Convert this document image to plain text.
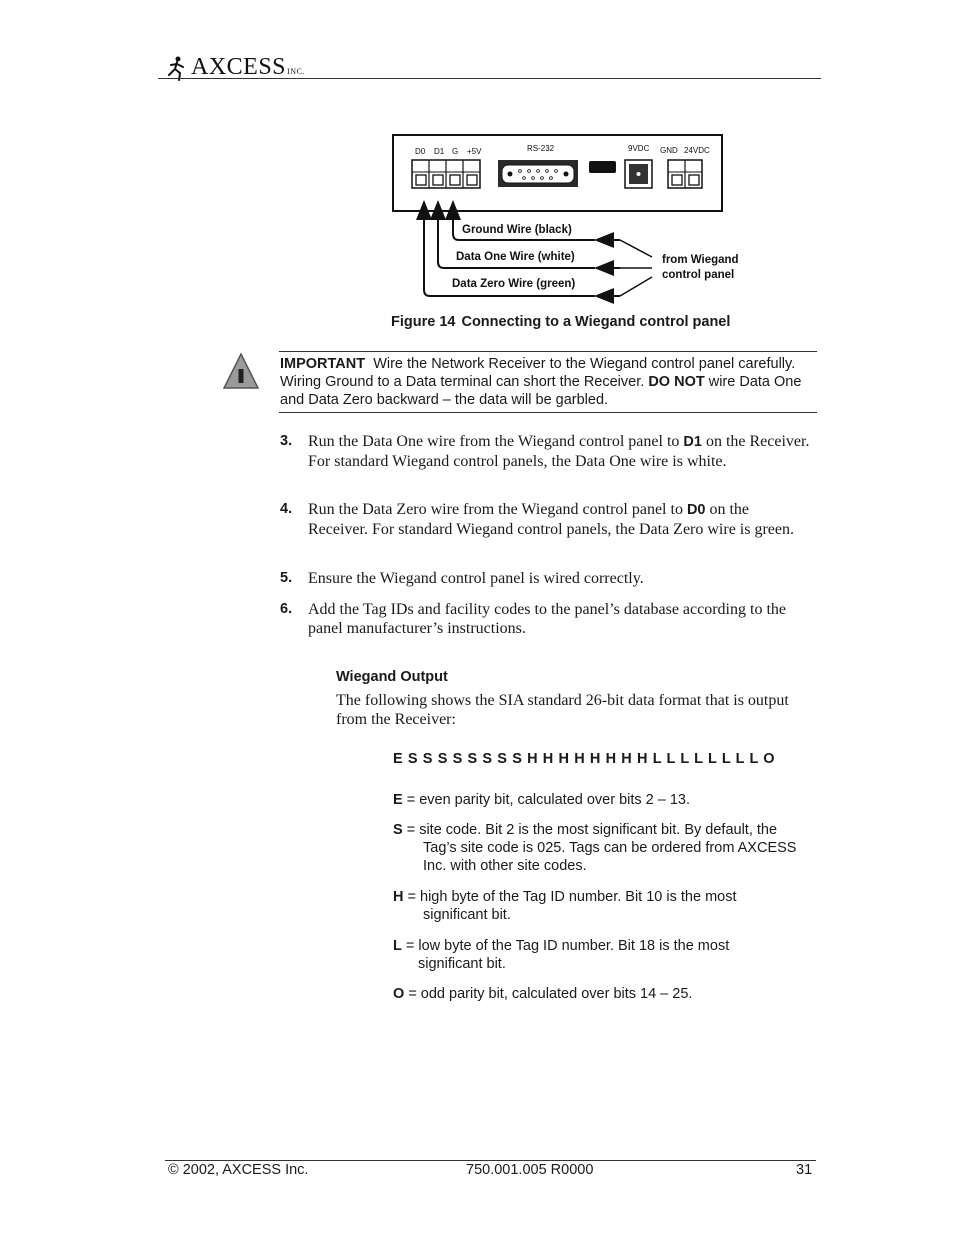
AXCESSINC.
D0 D1 G +5V	RS-232	9VDC GND 24VDC
Ground Wire (black)
Data One Wire (white)
Data Zero Wire (green)
from Wiegand
control panel
Figure 14 Connecting to a Wiegand control panel
IMPORTANT Wire the Network Receiver to the Wiegand control panel carefully. Wiring Ground to a Data terminal can short the Receiver. DO NOT wire Data One and Data Zero backward – the data will be garbled.
3. Run the Data One wire from the Wiegand control panel to D1 on the Receiver. For standard Wiegand control panels, the Data One wire is white.
4. Run the Data Zero wire from the Wiegand control panel to D0 on the Receiver. For standard Wiegand control panels, the Data Zero wire is green.
5. Ensure the Wiegand control panel is wired correctly.
6. Add the Tag IDs and facility codes to the panel’s database according to the panel manufacturer’s instructions.
Wiegand Output
The following shows the SIA standard 26-bit data format that is output from the Receiver:
E S S S S S S S S H H H H H H H H L L L L L L L L O
E = even parity bit, calculated over bits 2 – 13.
S = site code. Bit 2 is the most significant bit. By default, the
Tag’s site code is 025. Tags can be ordered from AXCESS Inc. with other site codes.
H = high byte of the Tag ID number. Bit 10 is the most
significant bit.
L = low byte of the Tag ID number. Bit 18 is the most
significant bit.
O = odd parity bit, calculated over bits 14 – 25.
© 2002, AXCESS Inc.	750.001.005 R0000	31
